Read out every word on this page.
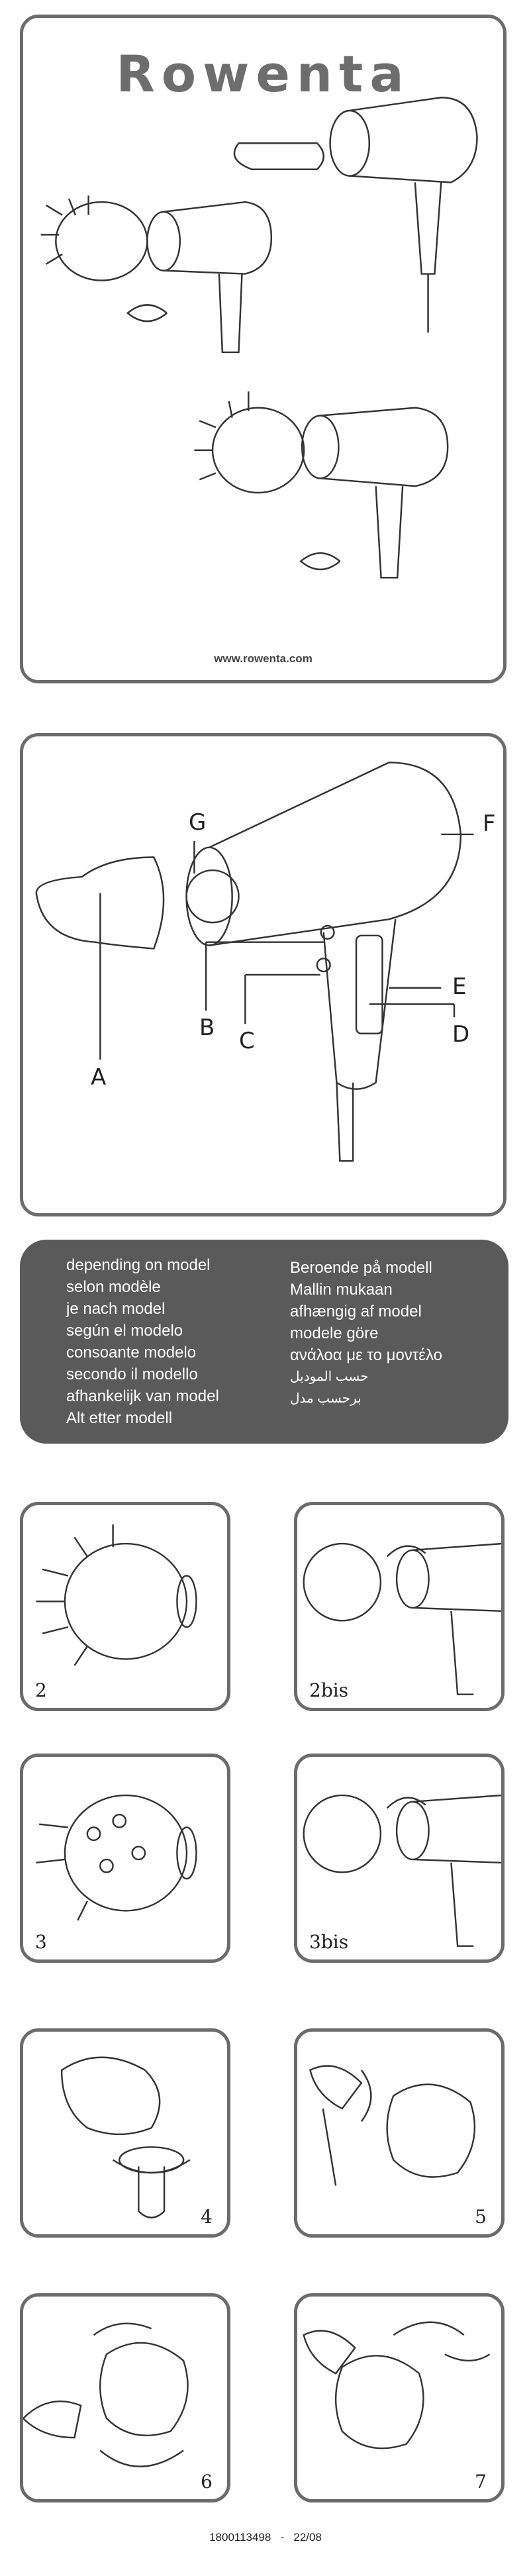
Rowenta
www.rowenta.com
G	F
E
D
B C
A
depending on model
selon modèle
je nach model
según el modelo
consoante modelo
secondo il modello
afhankelijk van model
Alt etter modell
Beroende på modell
Mallin mukaan
afhængig af model
modele göre
ανάλοα με το μοντέλο
حسب الموديل
برحسب مدل
2	2bis
3	3bis
4	5
6	7
1800113498   -   22/08
